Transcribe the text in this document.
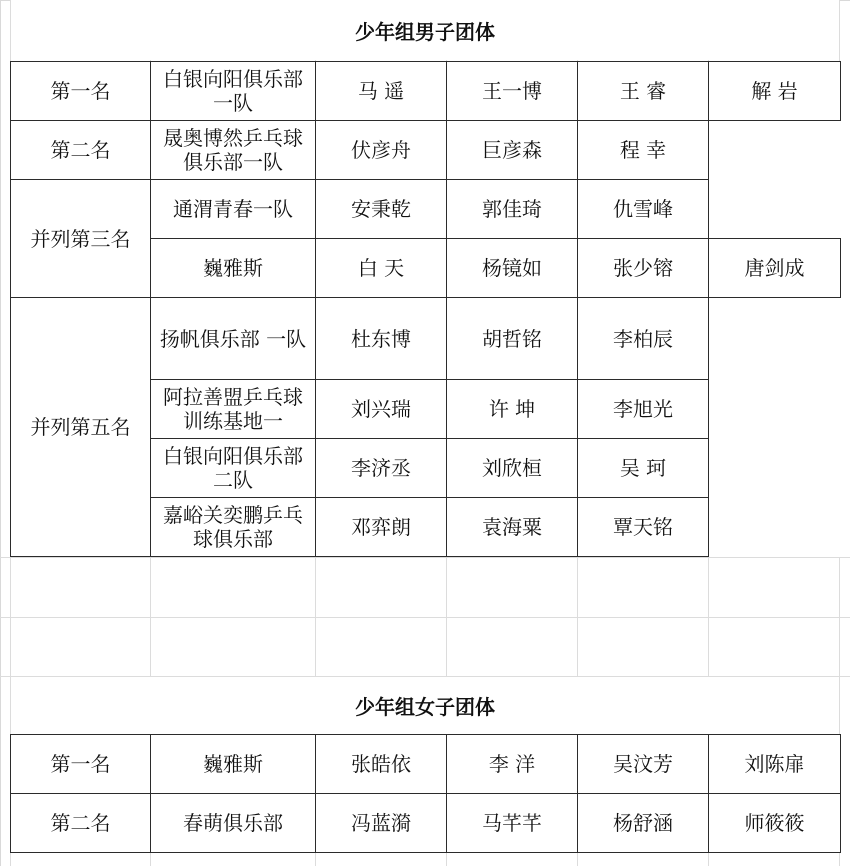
少年组男子团体
少年组女子团体
第一名	白银向阳俱乐部一队	马 遥	王一博	王 睿	解 岩
第二名	晟奥博然乒乓球俱乐部一队	伏彦舟	巨彦森	程 幸	
并列第三名	通渭青春一队	安秉乾	郭佳琦	仇雪峰	
	巍雅斯	白 天	杨镜如	张少镕	唐剑成
并列第五名	扬帆俱乐部 一队	杜东博	胡哲铭	李柏辰	
	阿拉善盟乒乓球训练基地一	刘兴瑞	许 坤	李旭光	
	白银向阳俱乐部二队	李济丞	刘欣桓	吴 珂	
	嘉峪关奕鹏乒乓球俱乐部	邓弈朗	袁海粟	覃天铭	
第一名	巍雅斯	张皓依	李 洋	吴汶芳	刘陈扉
第二名	春萌俱乐部	冯蓝漪	马芊芊	杨舒涵	师筱筱
